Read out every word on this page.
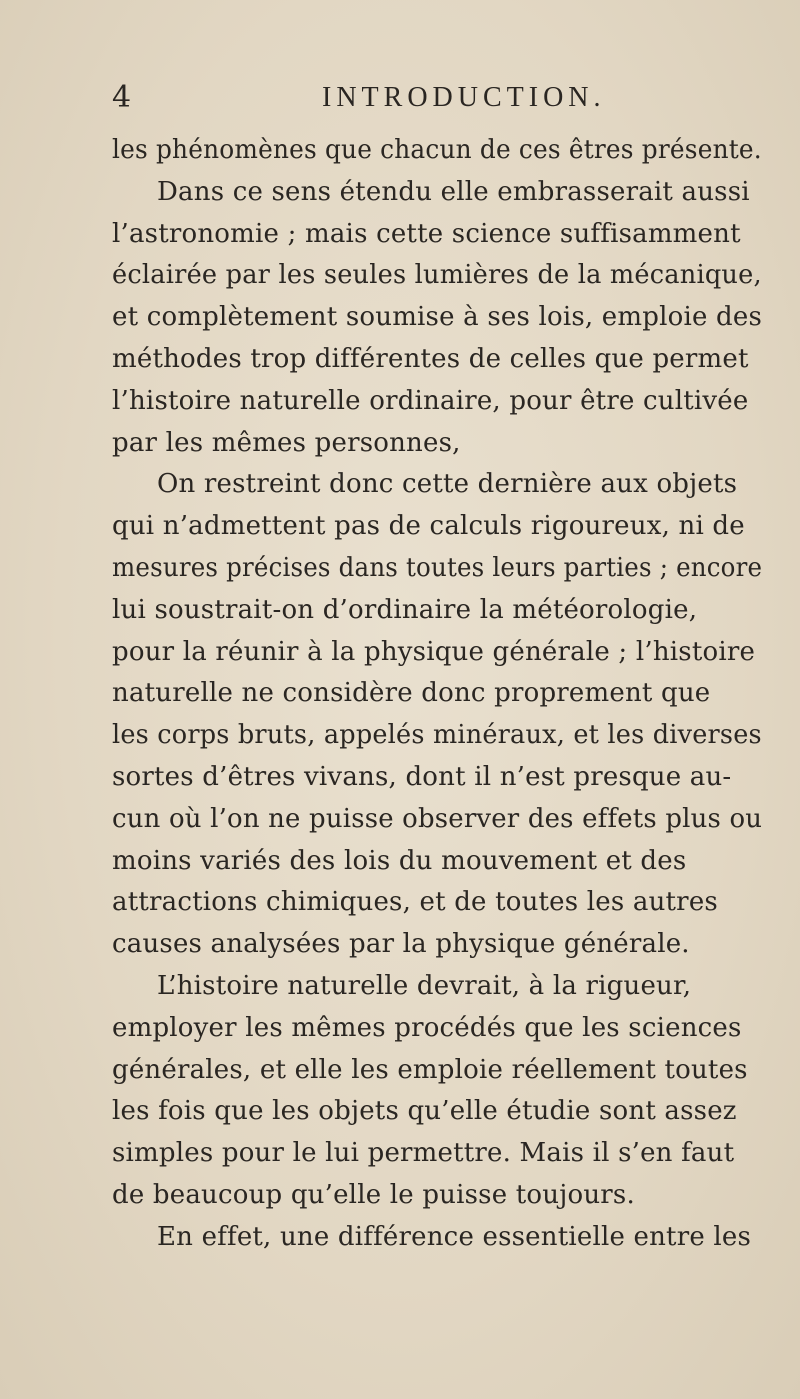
4	INTRODUCTION.
les phénomènes que chacun de ces êtres présente.
Dans ce sens étendu elle embrasserait aussi
l’astronomie ; mais cette science suffisamment
éclairée par les seules lumières de la mécanique,
et complètement soumise à ses lois, emploie des
méthodes trop différentes de celles que permet
l’histoire naturelle ordinaire, pour être cultivée
par les mêmes personnes,
On restreint donc cette dernière aux objets
qui n’admettent pas de calculs rigoureux, ni de
mesures précises dans toutes leurs parties ; encore
lui soustrait-on d’ordinaire la météorologie,
pour la réunir à la physique générale ; l’histoire
naturelle ne considère donc proprement que
les corps bruts, appelés minéraux, et les diverses
sortes d’êtres vivans, dont il n’est presque au-
cun où l’on ne puisse observer des effets plus ou
moins variés des lois du mouvement et des
attractions chimiques, et de toutes les autres
causes analysées par la physique générale.
L’histoire naturelle devrait, à la rigueur,
employer les mêmes procédés que les sciences
générales, et elle les emploie réellement toutes
les fois que les objets qu’elle étudie sont assez
simples pour le lui permettre. Mais il s’en faut
de beaucoup qu’elle le puisse toujours.
En effet, une différence essentielle entre les
